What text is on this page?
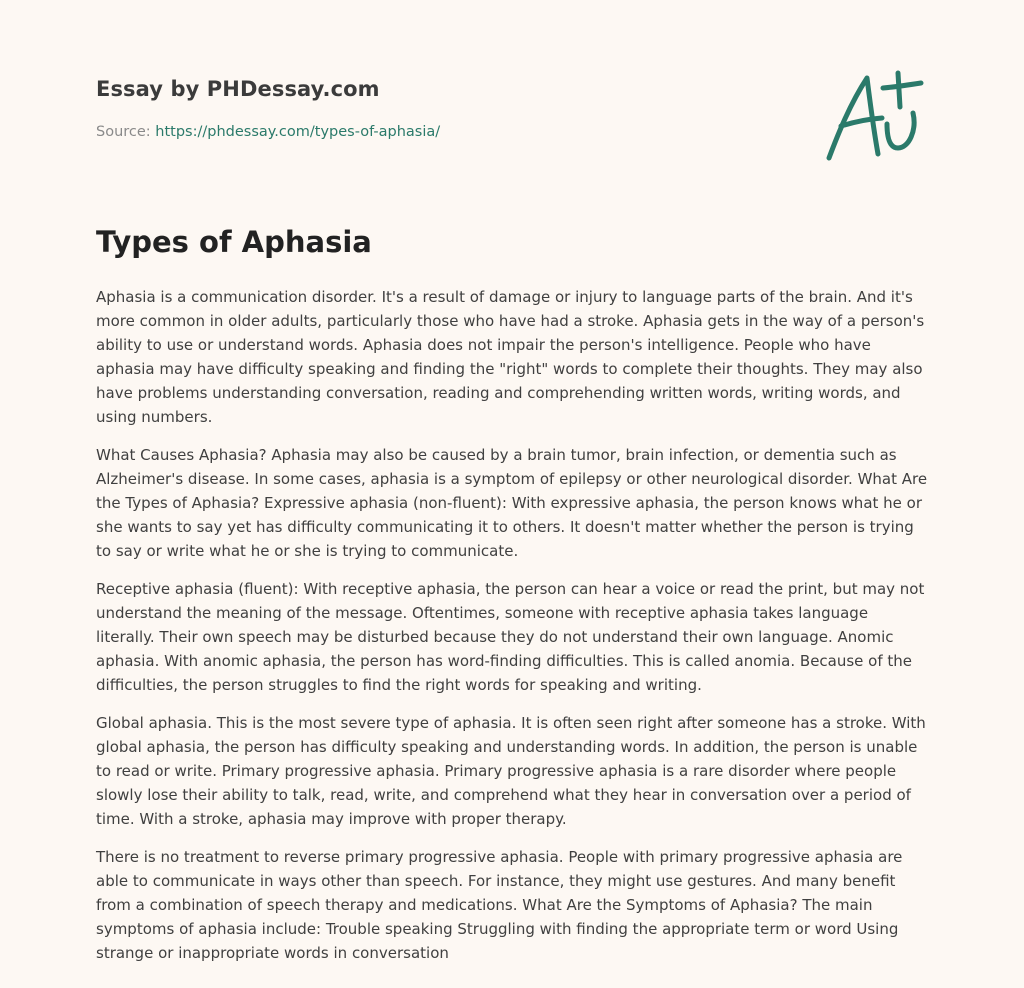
Essay by PHDessay.com
Source: https://phdessay.com/types-of-aphasia/
Types of Aphasia

Aphasia is a communication disorder. It's a result of damage or injury to language parts of the brain. And it's more common in older adults, particularly those who have had a stroke. Aphasia gets in the way of a person's ability to use or understand words. Aphasia does not impair the person's intelligence. People who have aphasia may have difficulty speaking and finding the "right" words to complete their thoughts. They may also have problems understanding conversation, reading and comprehending written words, writing words, and using numbers.

What Causes Aphasia? Aphasia may also be caused by a brain tumor, brain infection, or dementia such as Alzheimer's disease. In some cases, aphasia is a symptom of epilepsy or other neurological disorder. What Are the Types of Aphasia? Expressive aphasia (non-fluent): With expressive aphasia, the person knows what he or she wants to say yet has difficulty communicating it to others. It doesn't matter whether the person is trying to say or write what he or she is trying to communicate.

Receptive aphasia (fluent): With receptive aphasia, the person can hear a voice or read the print, but may not understand the meaning of the message. Oftentimes, someone with receptive aphasia takes language literally. Their own speech may be disturbed because they do not understand their own language. Anomic aphasia. With anomic aphasia, the person has word-finding difficulties. This is called anomia. Because of the difficulties, the person struggles to find the right words for speaking and writing.

Global aphasia. This is the most severe type of aphasia. It is often seen right after someone has a stroke. With global aphasia, the person has difficulty speaking and understanding words. In addition, the person is unable to read or write. Primary progressive aphasia. Primary progressive aphasia is a rare disorder where people slowly lose their ability to talk, read, write, and comprehend what they hear in conversation over a period of time. With a stroke, aphasia may improve with proper therapy.

There is no treatment to reverse primary progressive aphasia. People with primary progressive aphasia are able to communicate in ways other than speech. For instance, they might use gestures. And many benefit from a combination of speech therapy and medications. What Are the Symptoms of Aphasia? The main symptoms of aphasia include: Trouble speaking Struggling with finding the appropriate term or word Using strange or inappropriate words in conversation
